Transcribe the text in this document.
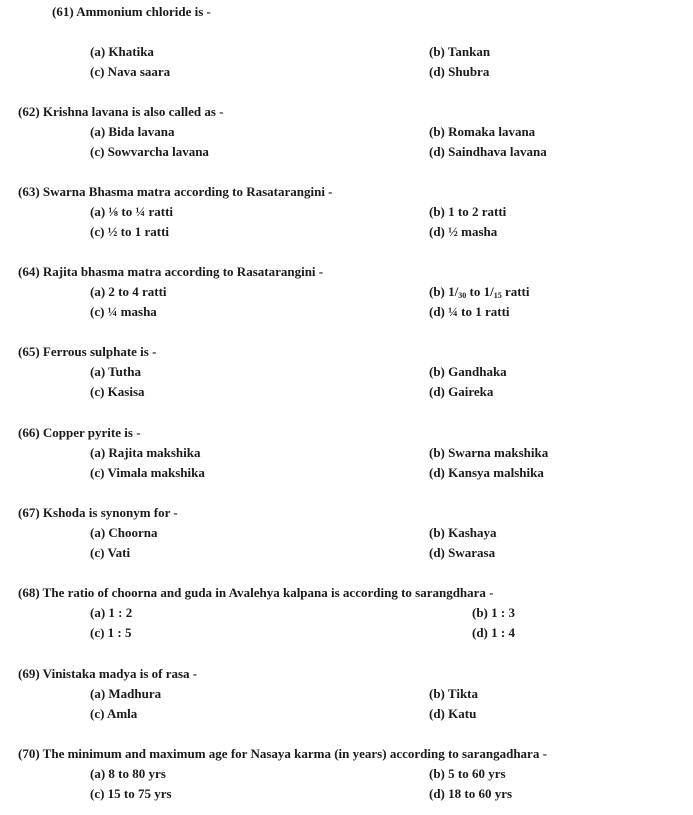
(61) Ammonium chloride is -
(a) Khatika	(b) Tankan
(c) Nava saara	(d) Shubra
(62) Krishna lavana is also called as -
(a) Bida lavana	(b) Romaka lavana
(c) Sowvarcha lavana	(d) Saindhava lavana
(63) Swarna Bhasma matra according to Rasatarangini -
(a) ⅛ to ¼ ratti	(b) 1 to 2 ratti
(c) ½ to 1 ratti	(d) ½ masha
(64) Rajita bhasma matra according to Rasatarangini -
(a) 2 to 4 ratti	(b) $1/_{30}$ to $1/_{15}$ ratti
(c) ¼ masha	(d) ¼ to 1 ratti
(65) Ferrous sulphate is -
(a) Tutha	(b) Gandhaka
(c) Kasisa	(d) Gaireka
(66) Copper pyrite is -
(a) Rajita makshika	(b) Swarna makshika
(c) Vimala makshika	(d) Kansya malshika
(67) Kshoda is synonym for -
(a) Choorna	(b) Kashaya
(c) Vati	(d) Swarasa
(68) The ratio of choorna and guda in Avalehya kalpana is according to sarangdhara -
(a) 1 : 2	(b) 1 : 3
(c) 1 : 5	(d) 1 : 4
(69) Vinistaka madya is of rasa -
(a) Madhura	(b) Tikta
(c) Amla	(d) Katu
(70) The minimum and maximum age for Nasaya karma (in years) according to sarangadhara -
(a) 8 to 80 yrs	(b) 5 to 60 yrs
(c) 15 to 75 yrs	(d) 18 to 60 yrs
